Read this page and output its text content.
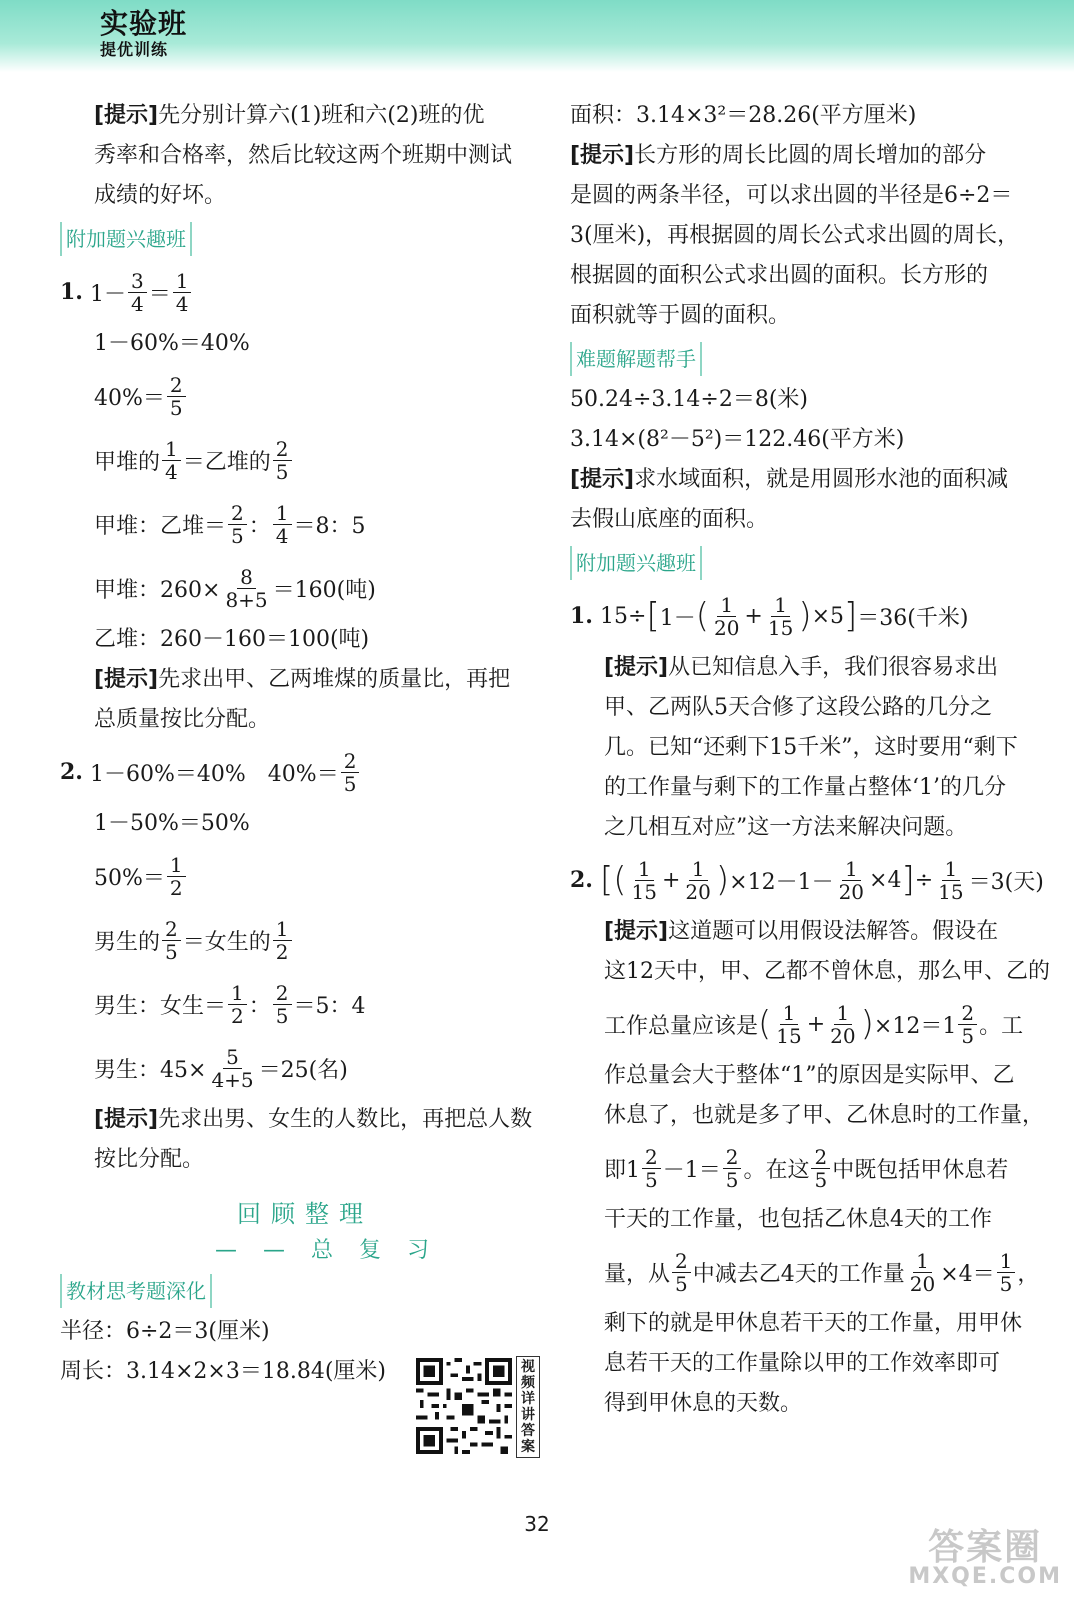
实验班
提优训练

[提示]先分别计算六(1)班和六(2)班的优

秀率和合格率，然后比较这两个班期中测试

成绩的好坏。

附加题兴趣班
1. $1- \frac{3}{4} = \frac{1}{4}$

1－60%＝40%

$40\%= \frac{2}{5}$
甲堆的 $\frac{1}{4}$ ＝乙堆的 $\frac{2}{5}$
甲堆：乙堆＝ $\frac{2}{5}$ ： $\frac{1}{4} =8$：5
甲堆：$260\times \frac{8}{8+5} =160$(吨)

乙堆：260－160＝100(吨)

[提示]先求出甲、乙两堆煤的质量比，再把

总质量按比分配。

2. 1－60%＝40%　$40\%= \frac{2}{5}$

1－50%＝50%

$50\%= \frac{1}{2}$
男生的 $\frac{2}{5}$ ＝女生的 $\frac{1}{2}$
男生：女生＝ $\frac{1}{2}$ ： $\frac{2}{5} =5$：4
男生：$45\times \frac{5}{4+5} =25$(名)

[提示]先求出男、女生的人数比，再把总人数

按比分配。

回顾整理
——总复习
教材思考题深化

半径：6÷2＝3(厘米)

周长：3.14×2×3＝18.84(厘米)	视频详讲答案

面积：3.14×3²＝28.26(平方厘米)

[提示]长方形的周长比圆的周长增加的部分

是圆的两条半径，可以求出圆的半径是6÷2＝

3(厘米)，再根据圆的周长公式求出圆的周长，

根据圆的面积公式求出圆的面积。长方形的

面积就等于圆的面积。

难题解题帮手

50.24÷3.14÷2＝8(米)

3.14×(8²－5²)＝122.46(平方米)

[提示]求水域面积，就是用圆形水池的面积减

去假山底座的面积。

附加题兴趣班
1. 15÷ [ 1－ ( $\frac{1}{20} + \frac{1}{15}$ ) ×5 ] ＝36(千米)

[提示]从已知信息入手，我们很容易求出

甲、乙两队5天合修了这段公路的几分之

几。已知“还剩下15千米”，这时要用“剩下

的工作量与剩下的工作量占整体‘1’的几分

之几相互对应”这一方法来解决问题。

2. [( $\frac{1}{15} + \frac{1}{20}$ ) $\times 12-1- \frac{1}{20} \times 4$ ] ÷ $\frac{1}{15} =3$(天)

[提示]这道题可以用假设法解答。假设在

这12天中，甲、乙都不曾休息，那么甲、乙的

工作总量应该是 ( $\frac{1}{15} + \frac{1}{20}$ ) $\times 12=1 \frac{2}{5}$ 。工

作总量会大于整体“1”的原因是实际甲、乙

休息了，也就是多了甲、乙休息时的工作量，

即$1 \frac{2}{5} -1= \frac{2}{5}$ 。在这 $\frac{2}{5}$ 中既包括甲休息若

干天的工作量，也包括乙休息4天的工作

量，从 $\frac{2}{5}$ 中减去乙4天的工作量 $\frac{1}{20} \times 4= \frac{1}{5}$ ，

剩下的就是甲休息若干天的工作量，用甲休

息若干天的工作量除以甲的工作效率即可

得到甲休息的天数。

32
答案圈
MXQE.COM
